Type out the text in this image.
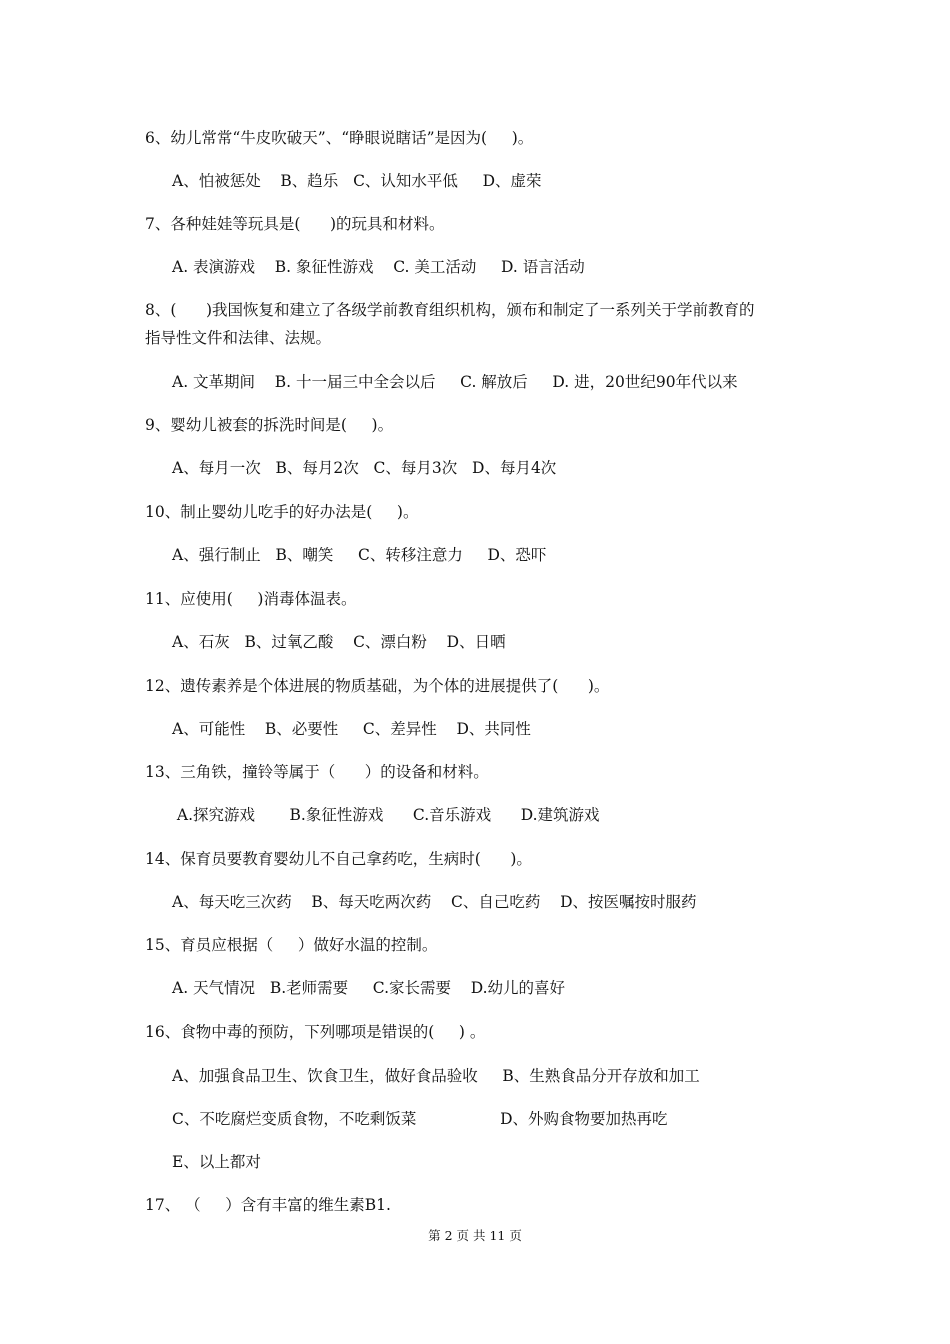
6、幼儿常常“牛皮吹破天”、“睁眼说瞎话”是因为(     )。
A、怕被惩处    B、趋乐   C、认知水平低     D、虚荣
7、各种娃娃等玩具是(      )的玩具和材料。
A. 表演游戏    B. 象征性游戏    C. 美工活动     D. 语言活动
8、(      )我国恢复和建立了各级学前教育组织机构，颁布和制定了一系列关于学前教育的
指导性文件和法律、法规。
A. 文革期间    B. 十一届三中全会以后     C. 解放后     D. 进，20世纪90年代以来
9、婴幼儿被套的拆洗时间是(     )。
A、每月一次   B、每月2次   C、每月3次   D、每月4次
10、制止婴幼儿吃手的好办法是(     )。
A、强行制止   B、嘲笑     C、转移注意力     D、恐吓
11、应使用(     )消毒体温表。
A、石灰   B、过氧乙酸    C、漂白粉    D、日晒
12、遗传素养是个体进展的物质基础，为个体的进展提供了(      )。
A、可能性    B、必要性     C、差异性    D、共同性
13、三角铁，撞铃等属于（      ）的设备和材料。
A.探究游戏       B.象征性游戏      C.音乐游戏      D.建筑游戏
14、保育员要教育婴幼儿不自己拿药吃，生病时(      )。
A、每天吃三次药    B、每天吃两次药    C、自己吃药    D、按医嘱按时服药
15、育员应根据（     ）做好水温的控制。
A. 天气情况   B.老师需要     C.家长需要    D.幼儿的喜好
16、食物中毒的预防，下列哪项是错误的(     ) 。
A、加强食品卫生、饮食卫生，做好食品验收     B、生熟食品分开存放和加工
C、不吃腐烂变质食物，不吃剩饭菜                 D、外购食物要加热再吃
E、以上都对
17、 （     ）含有丰富的维生素B1.
第 2 页 共 11 页
